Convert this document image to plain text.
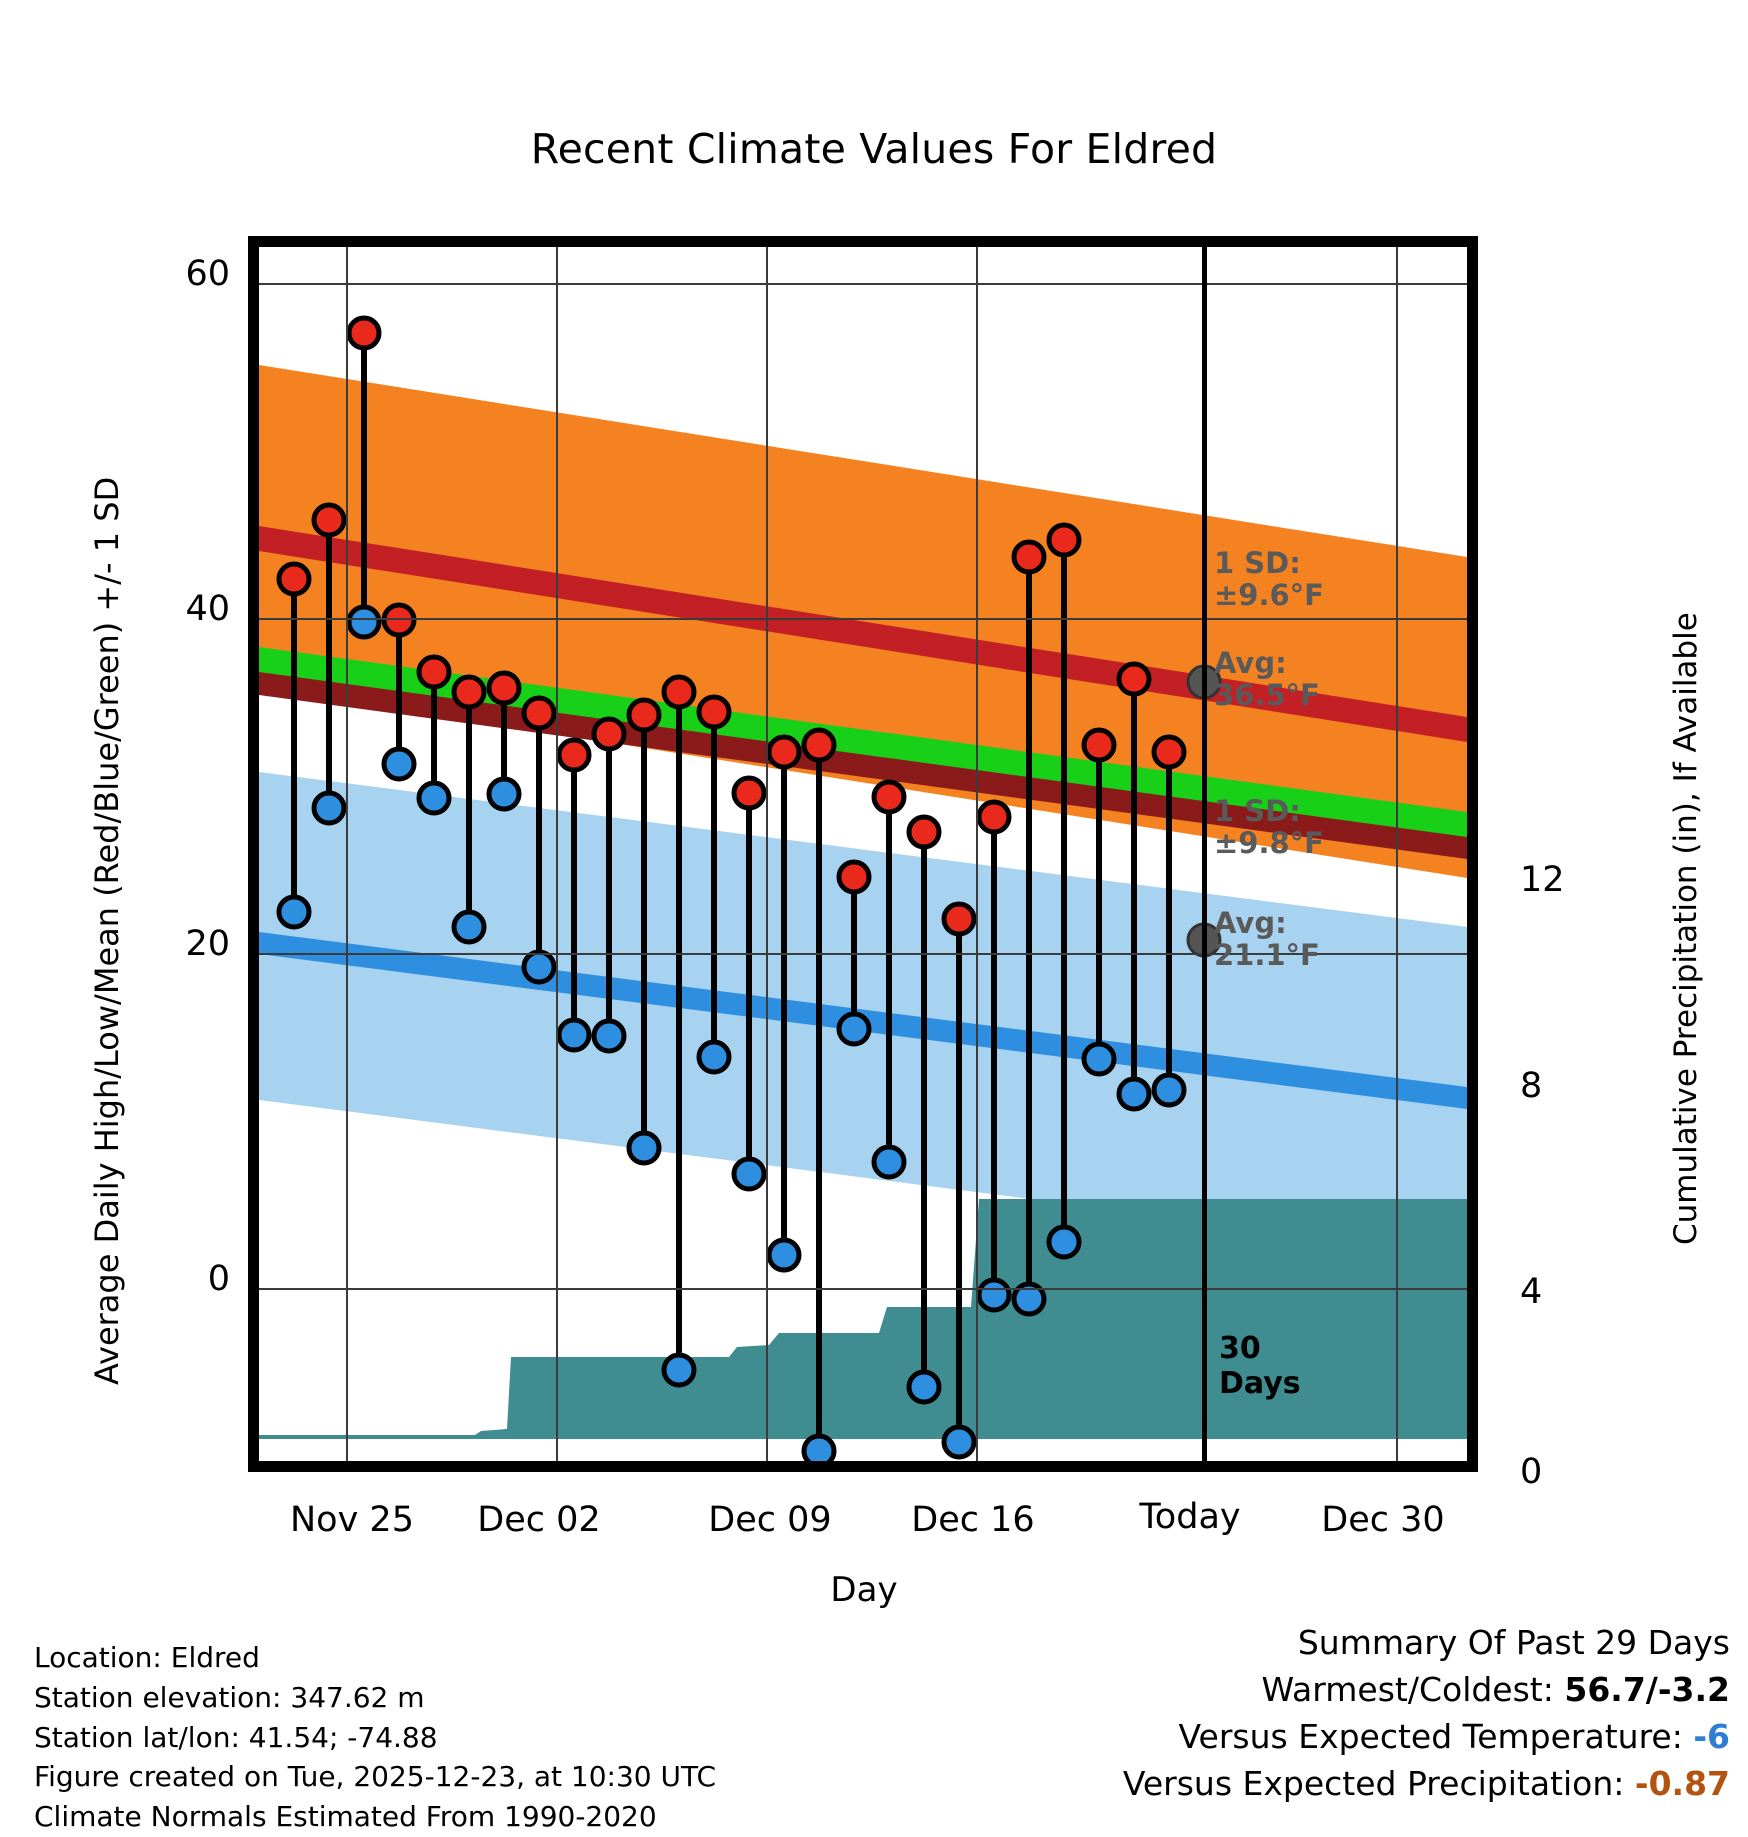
Recent Climate Values For Eldred
Average Daily High/Low/Mean (Red/Blue/Green) +/- 1 SD	Cumulative Precipitation (in), If Available
Day
60
40
20
0
12
8
4
0
Nov 25	Dec 02	Dec 09	Dec 16	Today	Dec 30
1 SD:
±9.6°F
Avg:
36.5°F
1 SD:
±9.8°F
Avg:
21.1°F
30
Days
Location: Eldred
Station elevation: 347.62 m
Station lat/lon: 41.54; -74.88
Figure created on Tue, 2025-12-23, at 10:30 UTC
Climate Normals Estimated From 1990-2020
Summary Of Past 29 Days
Warmest/Coldest: 56.7/-3.2
Versus Expected Temperature: -6
Versus Expected Precipitation: -0.87
